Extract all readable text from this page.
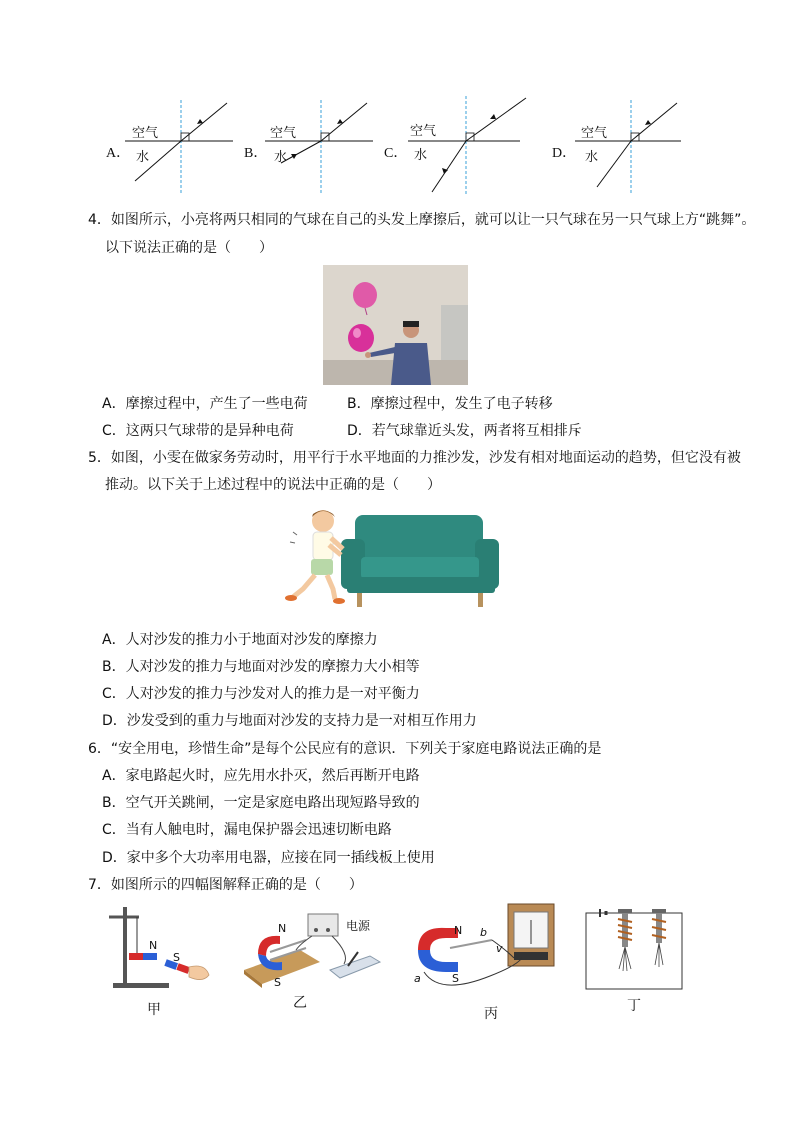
A．
空气
水	B．
空气
水	C．
空气
水	D．
空气
水
4．如图所示，小亮将两只相同的气球在自己的头发上摩擦后，就可以让一只气球在另一只气球上方“跳舞”。
以下说法正确的是（　　）
A．摩擦过程中，产生了一些电荷	B．摩擦过程中，发生了电子转移
C．这两只气球带的是异种电荷	D．若气球靠近头发，两者将互相排斥
5．如图，小雯在做家务劳动时，用平行于水平地面的力推沙发，沙发有相对地面运动的趋势，但它没有被
推动。以下关于上述过程中的说法中正确的是（　　）
A．人对沙发的推力小于地面对沙发的摩擦力
B．人对沙发的推力与地面对沙发的摩擦力大小相等
C．人对沙发的推力与沙发对人的推力是一对平衡力
D．沙发受到的重力与地面对沙发的支持力是一对相互作用力
6．“安全用电，珍惜生命”是每个公民应有的意识．下列关于家庭电路说法正确的是
A．家电路起火时，应先用水扑灭，然后再断开电路
B．空气开关跳闸，一定是家庭电路出现短路导致的
C．当有人触电时，漏电保护器会迅速切断电路
D．家中多个大功率用电器，应接在同一插线板上使用
7．如图所示的四幅图解释正确的是（　　）
N
S
甲
N
S
电源
乙
N
S
a
b
v
丙	丁
